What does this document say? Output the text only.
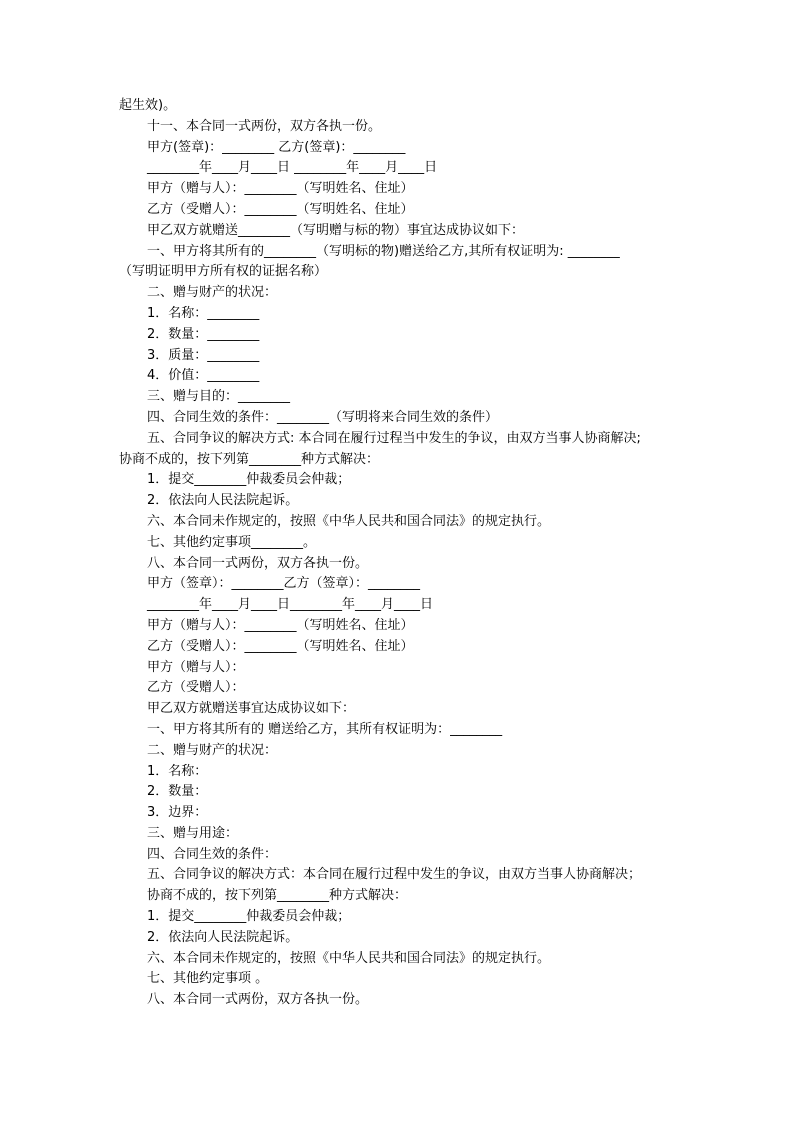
起生效)。
十一、本合同一式两份，双方各执一份。
甲方(签章)：________ 乙方(签章)：________
________年____月____日 ________年____月____日
甲方（赠与人）：________（写明姓名、住址）
乙方（受赠人）：________（写明姓名、住址）
甲乙双方就赠送________（写明赠与标的物）事宜达成协议如下：
一、甲方将其所有的________（写明标的物)赠送给乙方,其所有权证明为: ________
（写明证明甲方所有权的证据名称）
二、赠与财产的状况：
1．名称：________
2．数量：________
3．质量：________
4．价值：________
三、赠与目的：________
四、合同生效的条件：________（写明将来合同生效的条件）
五、合同争议的解决方式: 本合同在履行过程当中发生的争议，由双方当事人协商解决;
协商不成的，按下列第________种方式解决：
1．提交________仲裁委员会仲裁；
2．依法向人民法院起诉。
六、本合同未作规定的，按照《中华人民共和国合同法》的规定执行。
七、其他约定事项________。
八、本合同一式两份，双方各执一份。
甲方（签章）：________乙方（签章）：________
________年____月____日________年____月____日
甲方（赠与人）：________（写明姓名、住址）
乙方（受赠人）：________（写明姓名、住址）
甲方（赠与人）：
乙方（受赠人）：
甲乙双方就赠送事宜达成协议如下：
一、甲方将其所有的 赠送给乙方，其所有权证明为：________
二、赠与财产的状况：
1．名称：
2．数量：
3．边界：
三、赠与用途：
四、合同生效的条件：
五、合同争议的解决方式：本合同在履行过程中发生的争议，由双方当事人协商解决；
协商不成的，按下列第________种方式解决：
1．提交________仲裁委员会仲裁；
2．依法向人民法院起诉。
六、本合同未作规定的，按照《中华人民共和国合同法》的规定执行。
七、其他约定事项 。
八、本合同一式两份，双方各执一份。
